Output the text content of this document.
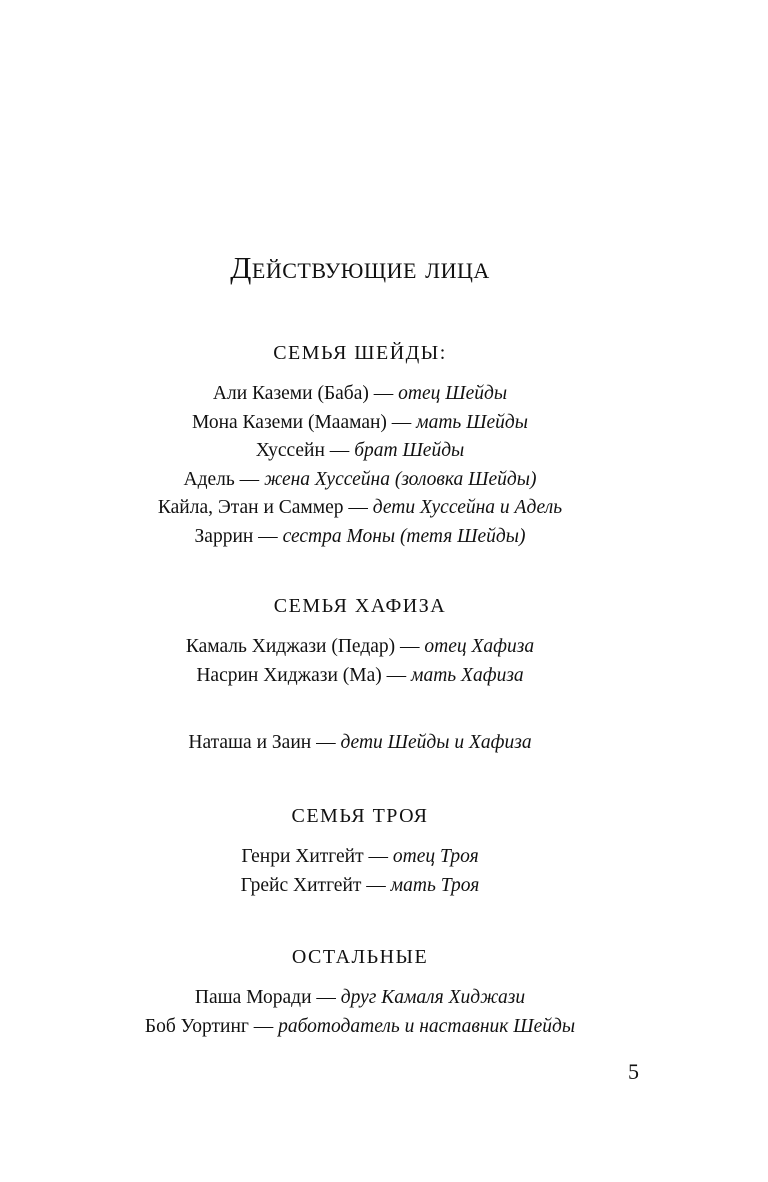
Действующие лица
СЕМЬЯ ШЕЙДЫ:
Али Каземи (Баба) — отец Шейды
Мона Каземи (Мааман) — мать Шейды
Хуссейн — брат Шейды
Адель — жена Хуссейна (золовка Шейды)
Кайла, Этан и Саммер — дети Хуссейна и Адель
Заррин — сестра Моны (тетя Шейды)
СЕМЬЯ ХАФИЗА
Камаль Хиджази (Педар) — отец Хафиза
Насрин Хиджази (Ма) — мать Хафиза
Наташа и Заин — дети Шейды и Хафиза
СЕМЬЯ ТРОЯ
Генри Хитгейт — отец Троя
Грейс Хитгейт — мать Троя
ОСТАЛЬНЫЕ
Паша Моради — друг Камаля Хиджази
Боб Уортинг — работодатель и наставник Шейды
5
